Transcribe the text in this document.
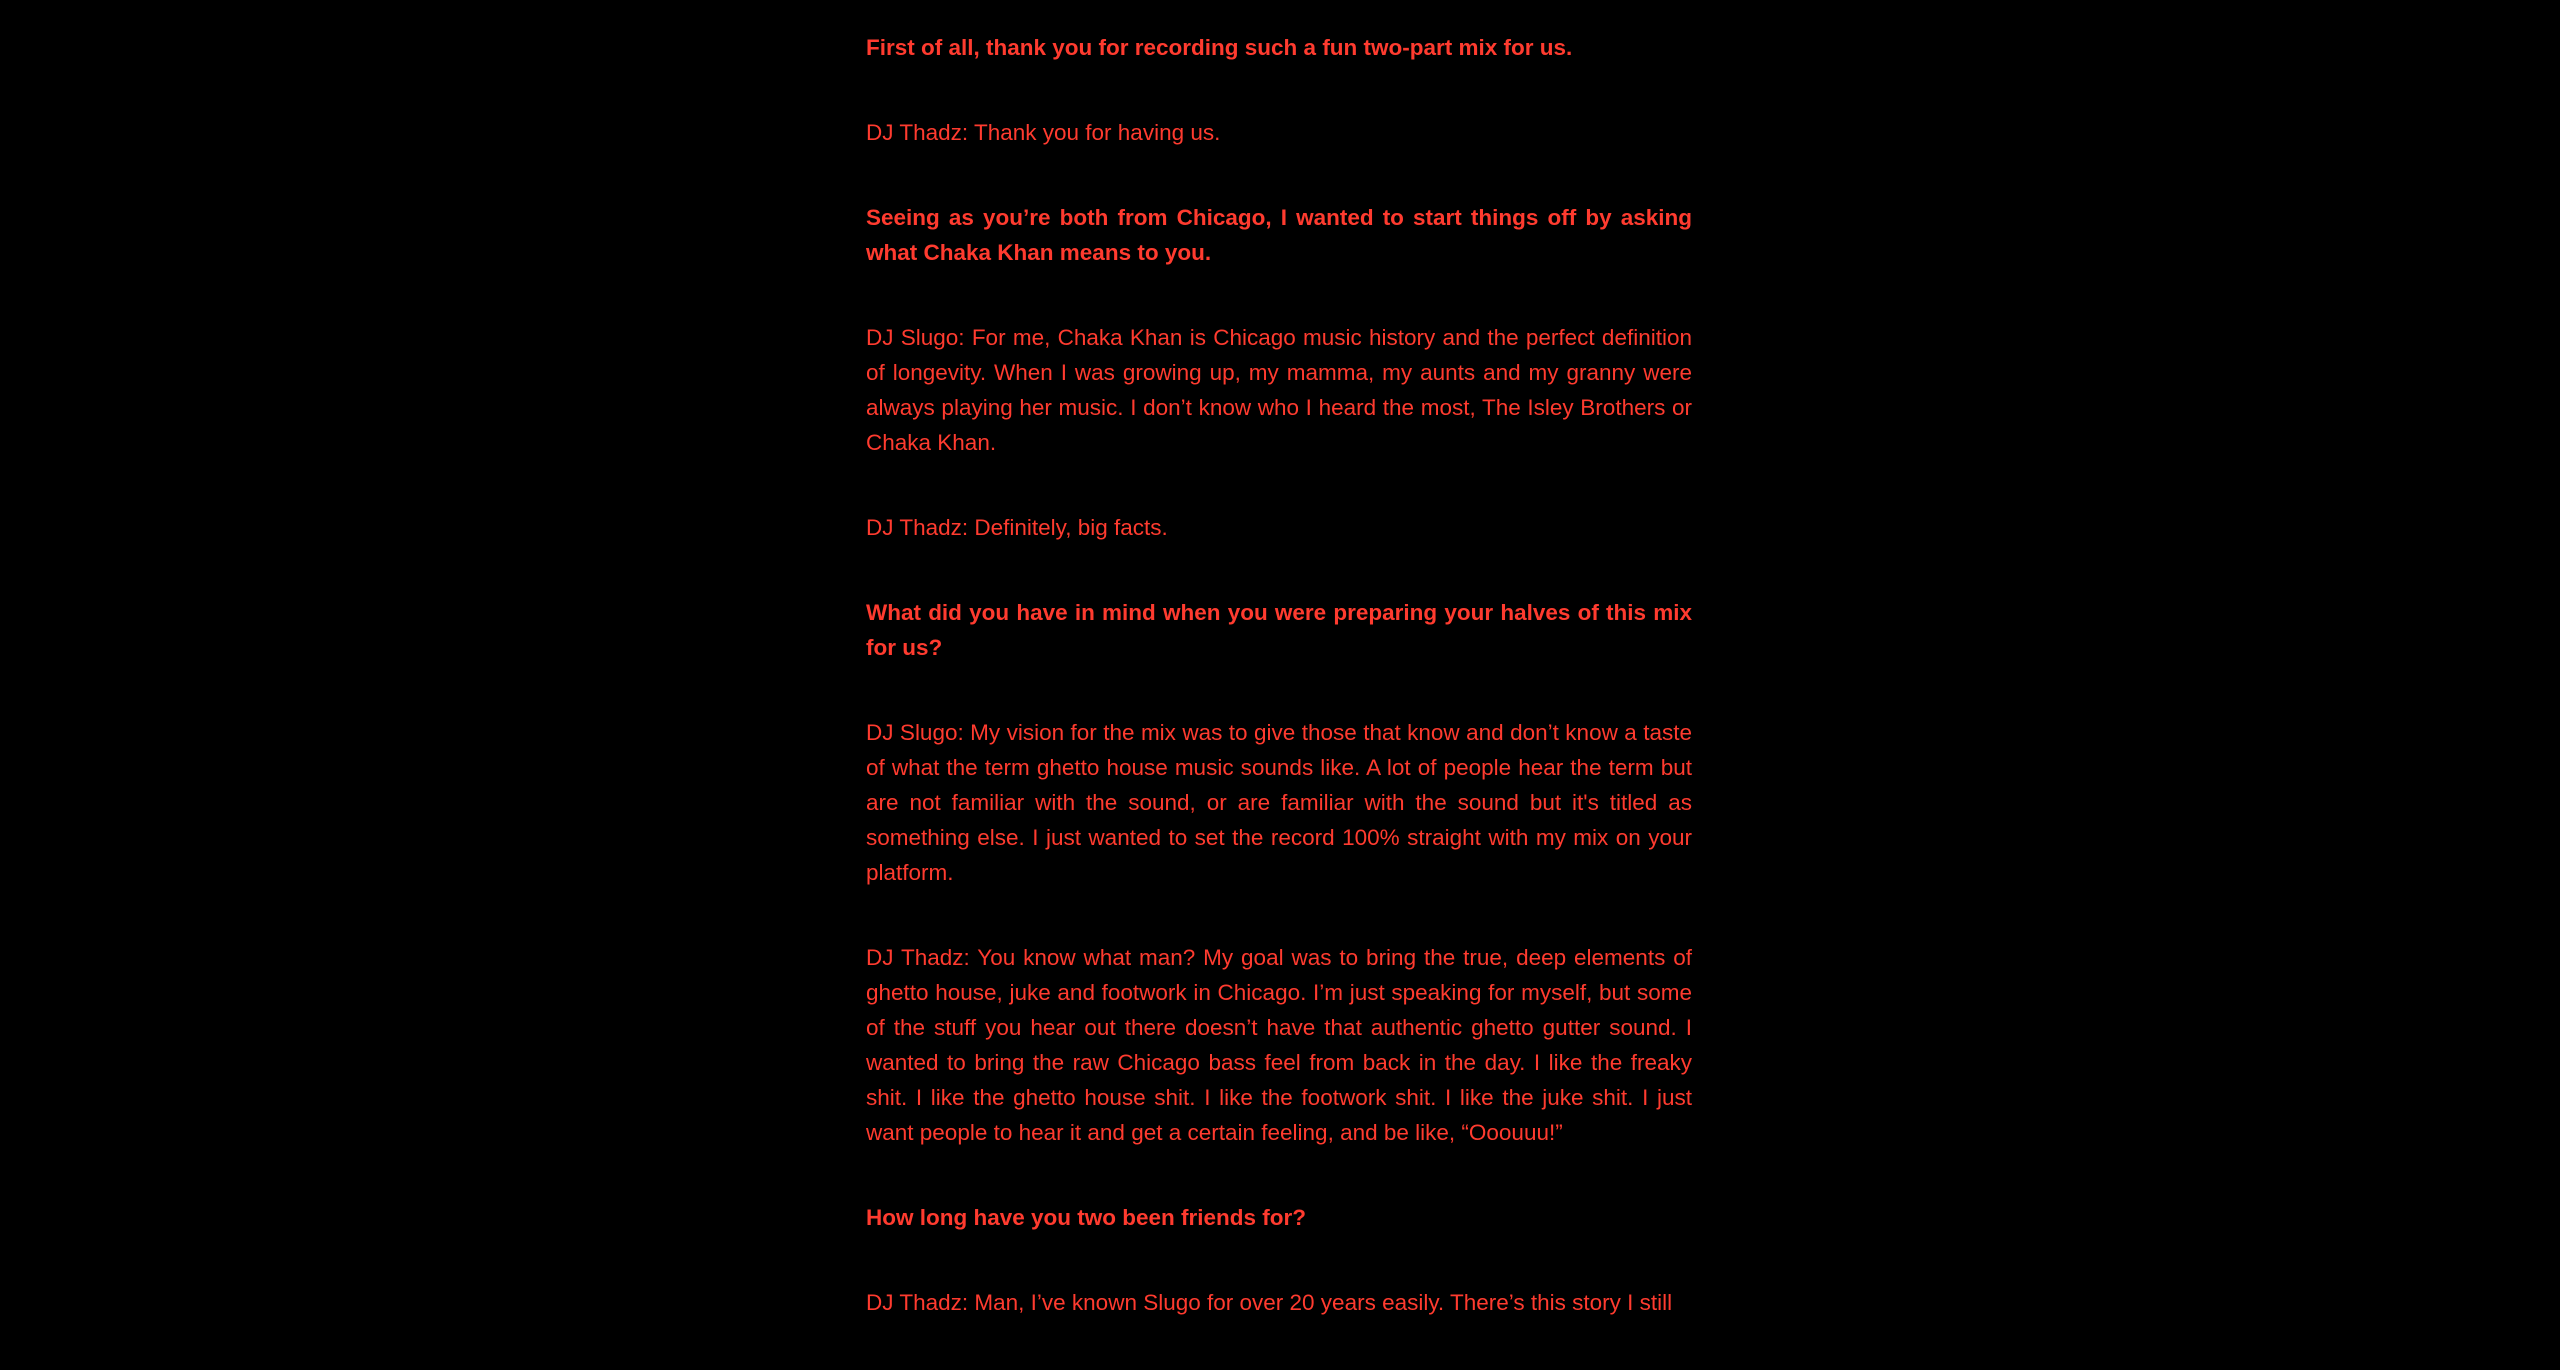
First of all, thank you for recording such a fun two-part mix for us.

DJ Thadz: Thank you for having us.

Seeing as you’re both from Chicago, I wanted to start things off by asking what Chaka Khan means to you.

DJ Slugo: For me, Chaka Khan is Chicago music history and the perfect definition of longevity. When I was growing up, my mamma, my aunts and my granny were always playing her music. I don’t know who I heard the most, The Isley Brothers or Chaka Khan.

DJ Thadz: Definitely, big facts.

What did you have in mind when you were preparing your halves of this mix for us?

DJ Slugo: My vision for the mix was to give those that know and don’t know a taste of what the term ghetto house music sounds like. A lot of people hear the term but are not familiar with the sound, or are familiar with the sound but it's titled as something else. I just wanted to set the record 100% straight with my mix on your platform.

DJ Thadz: You know what man? My goal was to bring the true, deep elements of ghetto house, juke and footwork in Chicago. I’m just speaking for myself, but some of the stuff you hear out there doesn’t have that authentic ghetto gutter sound. I wanted to bring the raw Chicago bass feel from back in the day. I like the freaky shit. I like the ghetto house shit. I like the footwork shit. I like the juke shit. I just want people to hear it and get a certain feeling, and be like, “Ooouuu!”

How long have you two been friends for?

DJ Thadz: Man, I’ve known Slugo for over 20 years easily. There’s this story I still
